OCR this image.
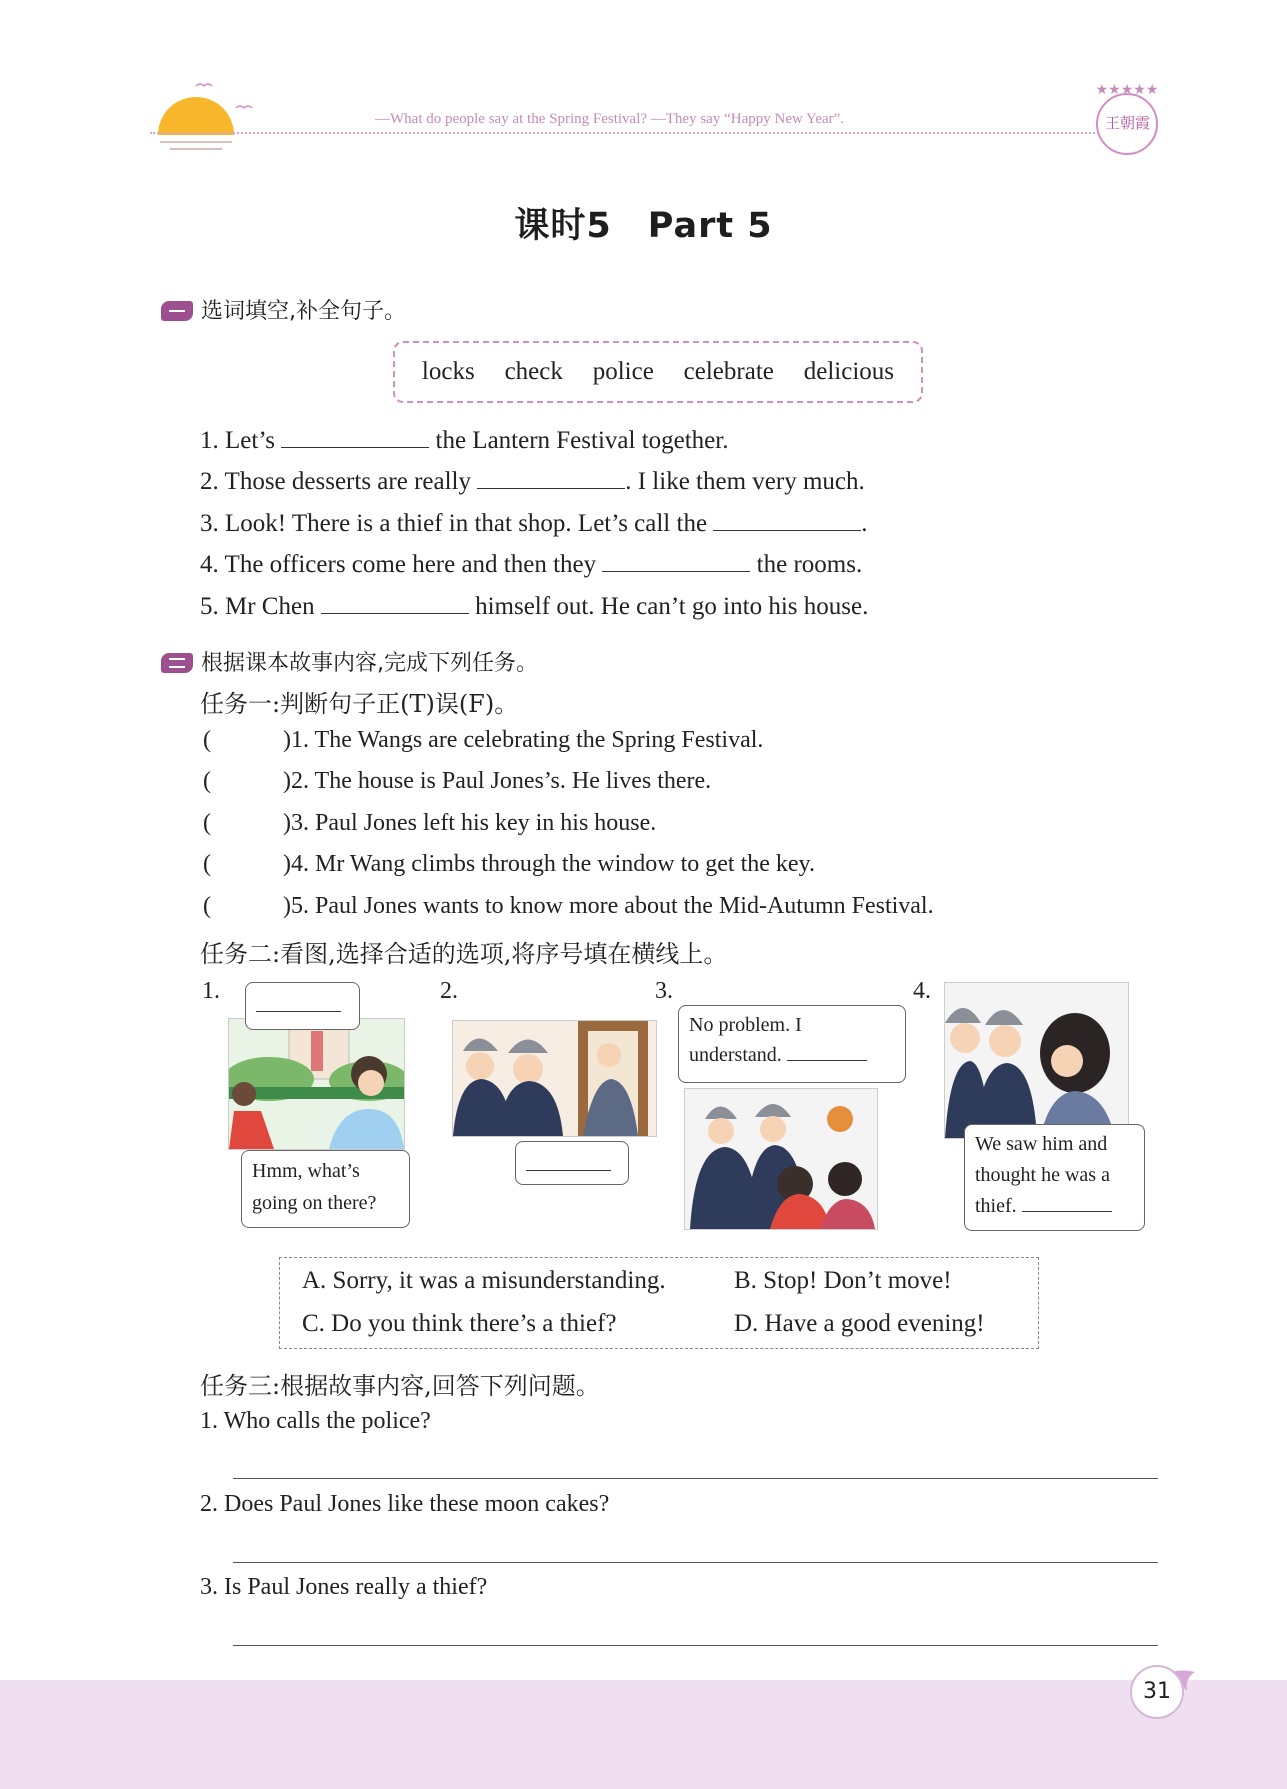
—What do people say at the Spring Festival? —They say “Happy New Year”.
★★★★★
王朝霞
课时5　Part 5
选词填空,补全句子。
locks check police celebrate delicious
1. Let’s	the Lantern Festival together.
2. Those desserts are really	. I like them very much.
3. Look! There is a thief in that shop. Let’s call the	.
4. The officers come here and then they	the rooms.
5. Mr Chen	himself out. He can’t go into his house.
根据课本故事内容,完成下列任务。
任务一:判断句子正(T)误(F)。
(	)1. The Wangs are celebrating the Spring Festival.
(	)2. The house is Paul Jones’s. He lives there.
(	)3. Paul Jones left his key in his house.
(	)4. Mr Wang climbs through the window to get the key.
(	)5. Paul Jones wants to know more about the Mid-Autumn Festival.
任务二:看图,选择合适的选项,将序号填在横线上。
1.
Hmm, what’s going on there?
2.	3.
No problem. I
understand.
4.
We saw him and
thought he was a
thief.
A. Sorry, it was a misunderstanding.	B. Stop! Don’t move!
C. Do you think there’s a thief?	D. Have a good evening!
任务三:根据故事内容,回答下列问题。
1. Who calls the police?
2. Does Paul Jones like these moon cakes?
3. Is Paul Jones really a thief?
31
